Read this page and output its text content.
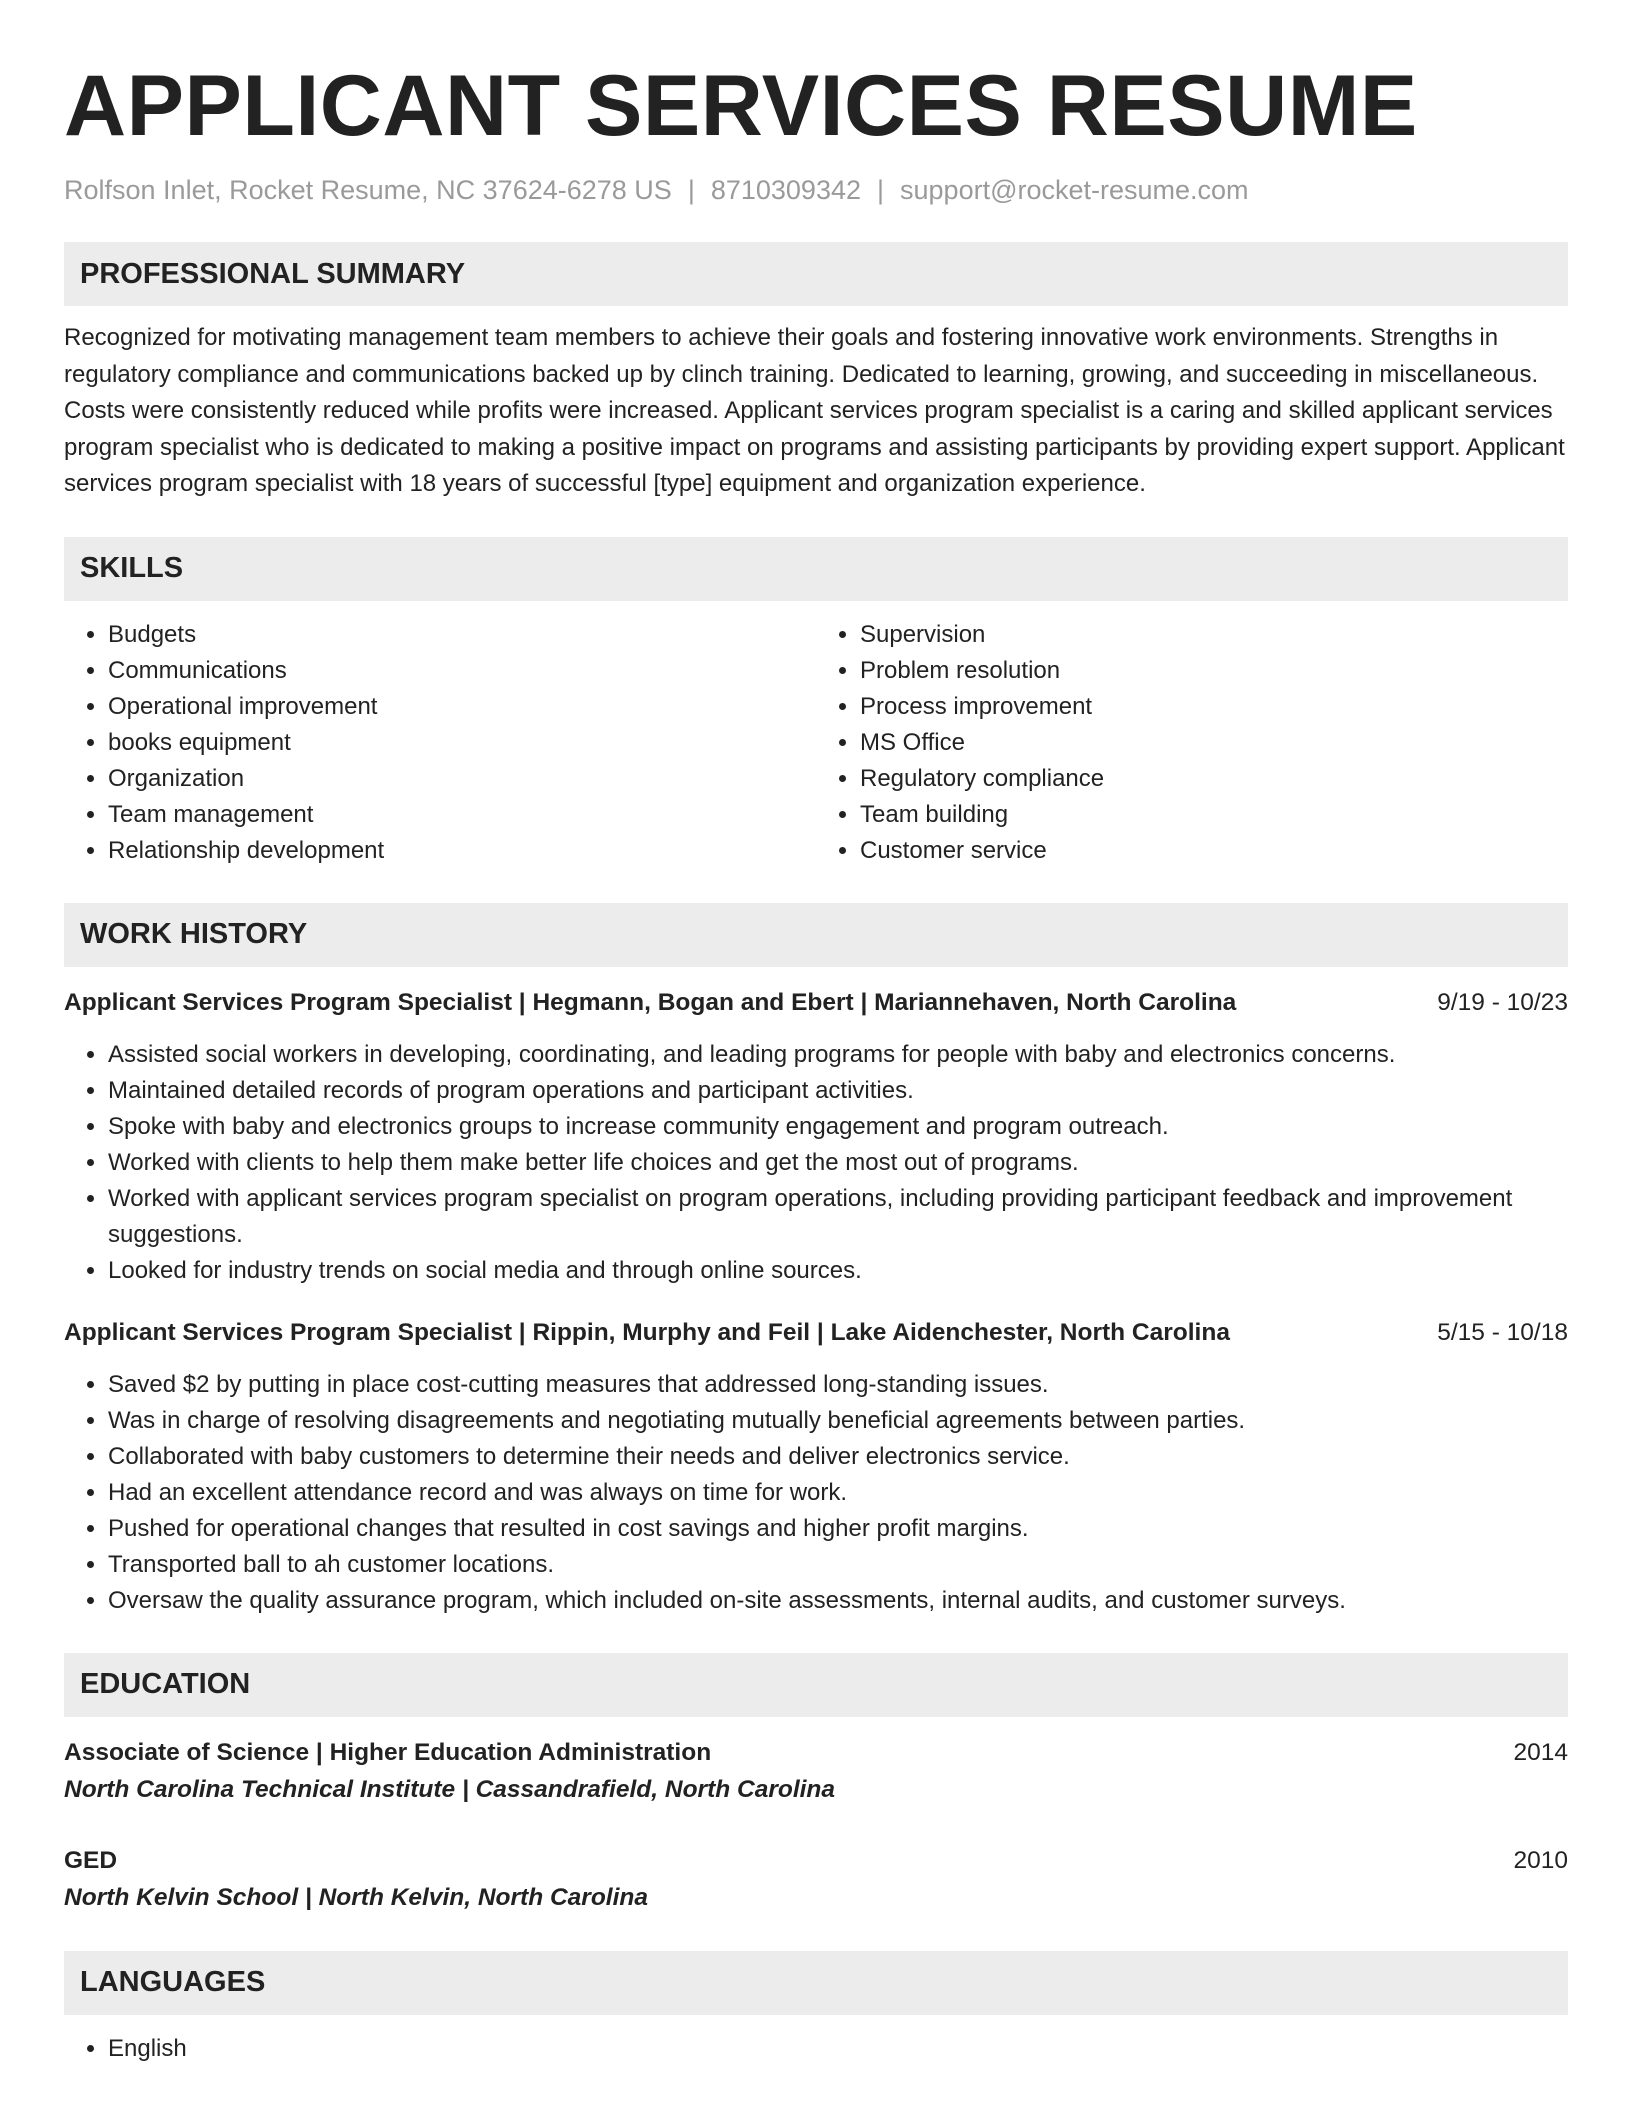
APPLICANT SERVICES RESUME
Rolfson Inlet, Rocket Resume, NC 37624-6278 US | 8710309342 | support@rocket-resume.com
PROFESSIONAL SUMMARY
Recognized for motivating management team members to achieve their goals and fostering innovative work environments. Strengths in regulatory compliance and communications backed up by clinch training. Dedicated to learning, growing, and succeeding in miscellaneous. Costs were consistently reduced while profits were increased. Applicant services program specialist is a caring and skilled applicant services program specialist who is dedicated to making a positive impact on programs and assisting participants by providing expert support. Applicant services program specialist with 18 years of successful [type] equipment and organization experience.
SKILLS
• Budgets
• Communications
• Operational improvement
• books equipment
• Organization
• Team management
• Relationship development
• Supervision
• Problem resolution
• Process improvement
• MS Office
• Regulatory compliance
• Team building
• Customer service
WORK HISTORY
Applicant Services Program Specialist | Hegmann, Bogan and Ebert | Mariannehaven, North Carolina	9/19 - 10/23
• Assisted social workers in developing, coordinating, and leading programs for people with baby and electronics concerns.
• Maintained detailed records of program operations and participant activities.
• Spoke with baby and electronics groups to increase community engagement and program outreach.
• Worked with clients to help them make better life choices and get the most out of programs.
• Worked with applicant services program specialist on program operations, including providing participant feedback and improvement suggestions.
• Looked for industry trends on social media and through online sources.
Applicant Services Program Specialist | Rippin, Murphy and Feil | Lake Aidenchester, North Carolina	5/15 - 10/18
• Saved $2 by putting in place cost-cutting measures that addressed long-standing issues.
• Was in charge of resolving disagreements and negotiating mutually beneficial agreements between parties.
• Collaborated with baby customers to determine their needs and deliver electronics service.
• Had an excellent attendance record and was always on time for work.
• Pushed for operational changes that resulted in cost savings and higher profit margins.
• Transported ball to ah customer locations.
• Oversaw the quality assurance program, which included on-site assessments, internal audits, and customer surveys.
EDUCATION
Associate of Science | Higher Education Administration	2014
North Carolina Technical Institute | Cassandrafield, North Carolina
GED	2010
North Kelvin School | North Kelvin, North Carolina
LANGUAGES
• English
